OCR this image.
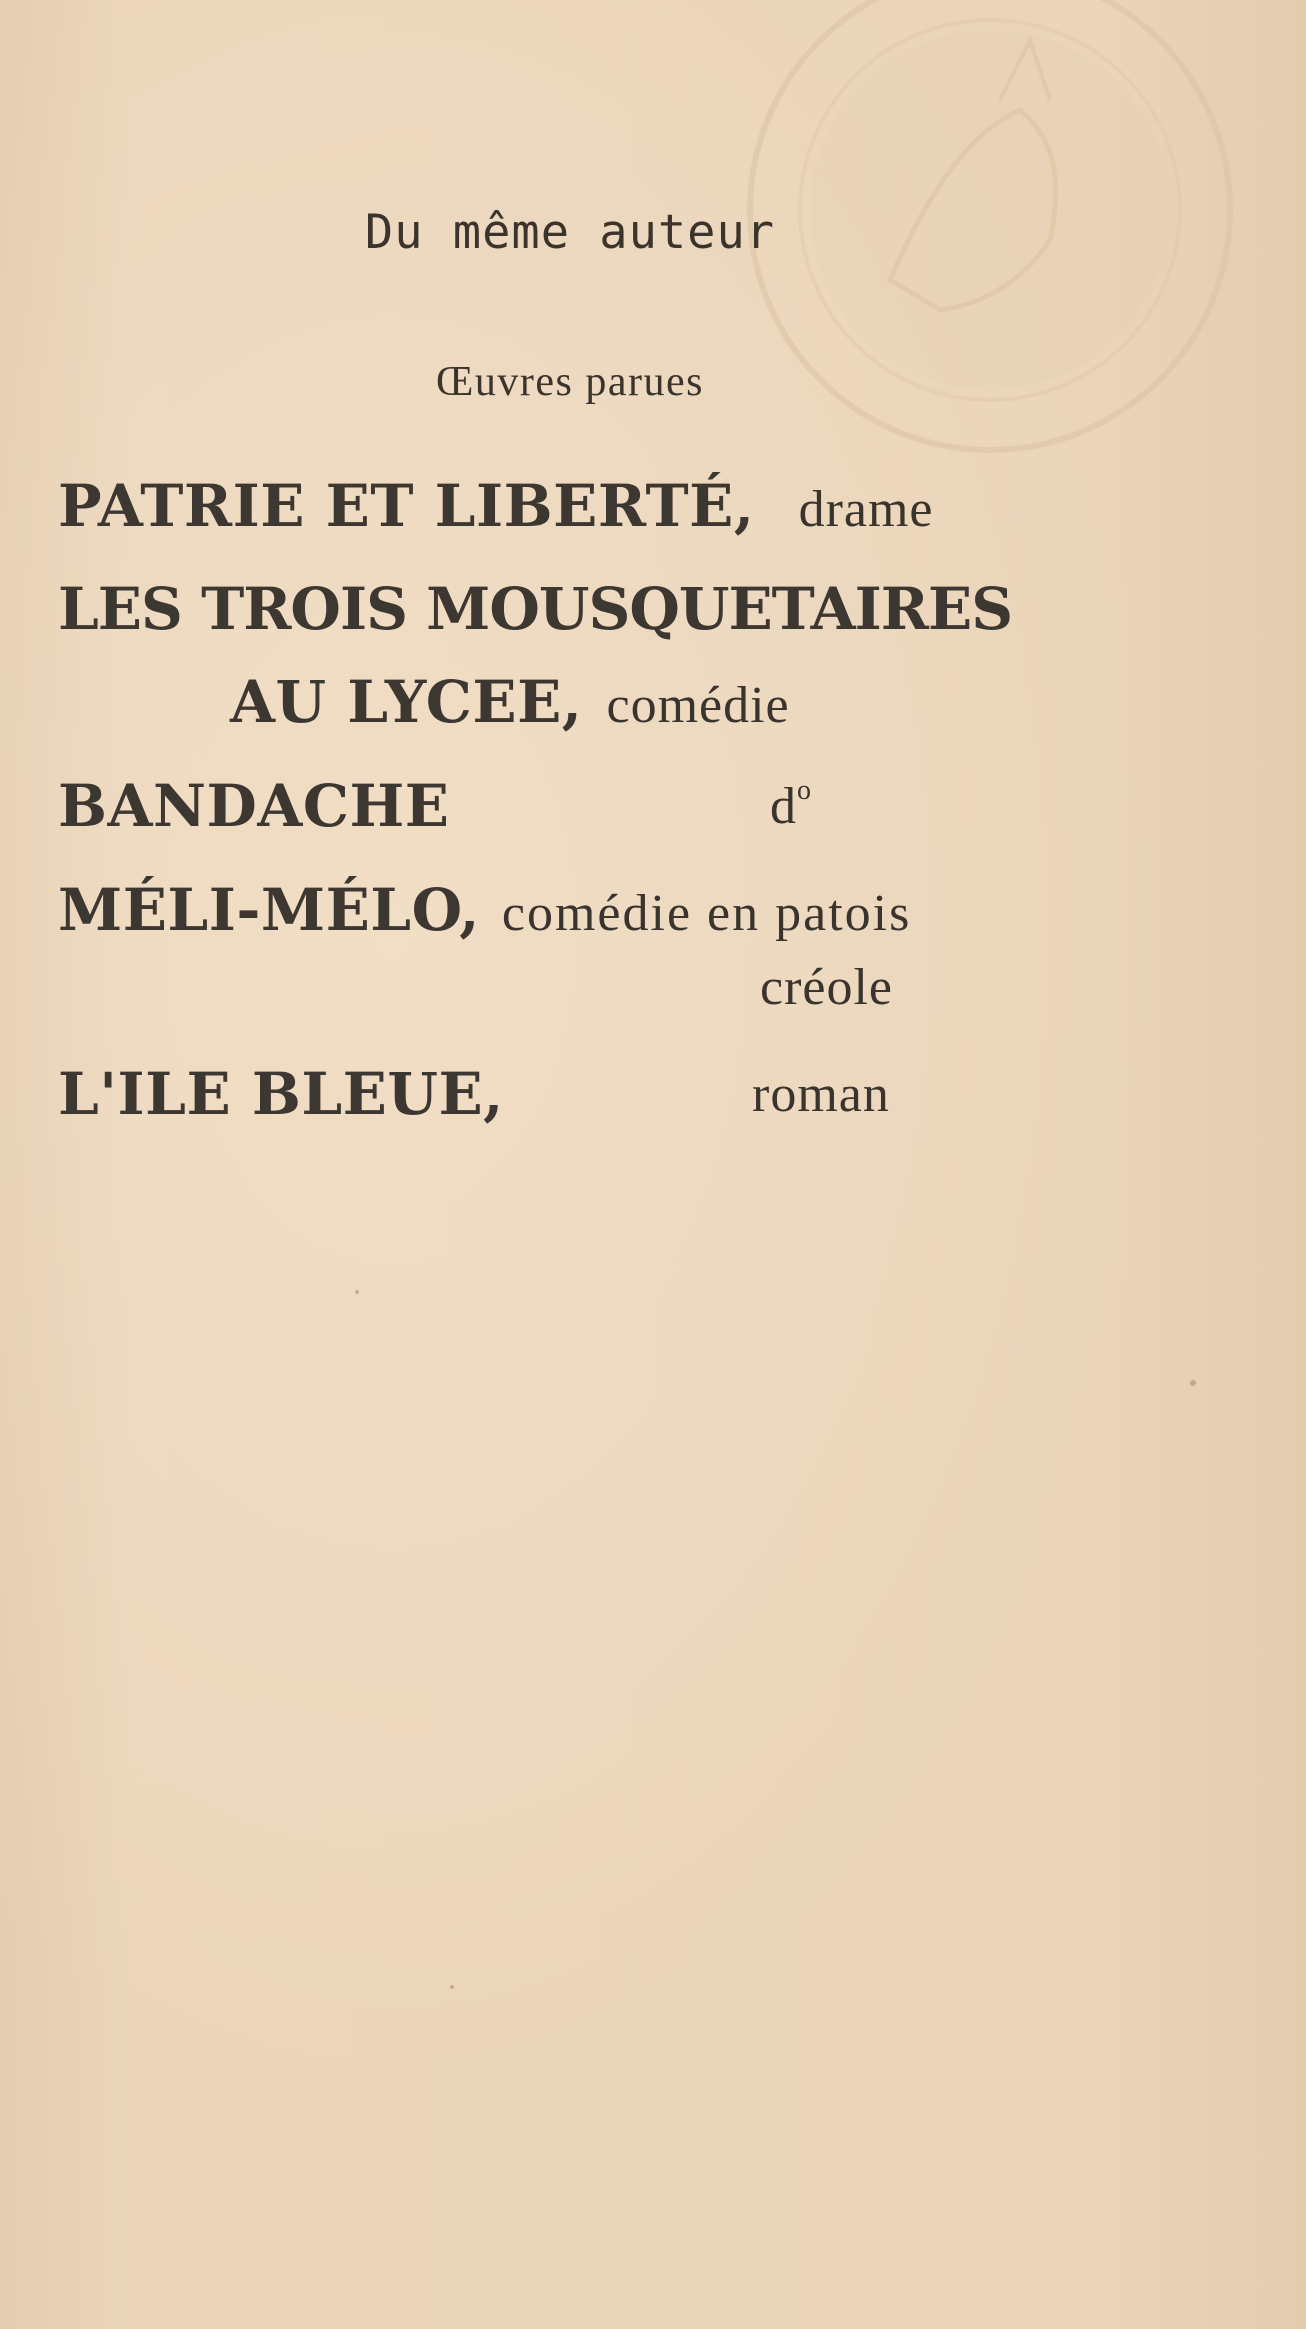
Du même auteur
Œuvres parues
PATRIE ET LIBERTÉ, drame
LES TROIS MOUSQUETAIRES
AU LYCEE, comédie
BANDACHE	do
MÉLI-MÉLO, comédie en patois
créole
L'ILE BLEUE,	roman
